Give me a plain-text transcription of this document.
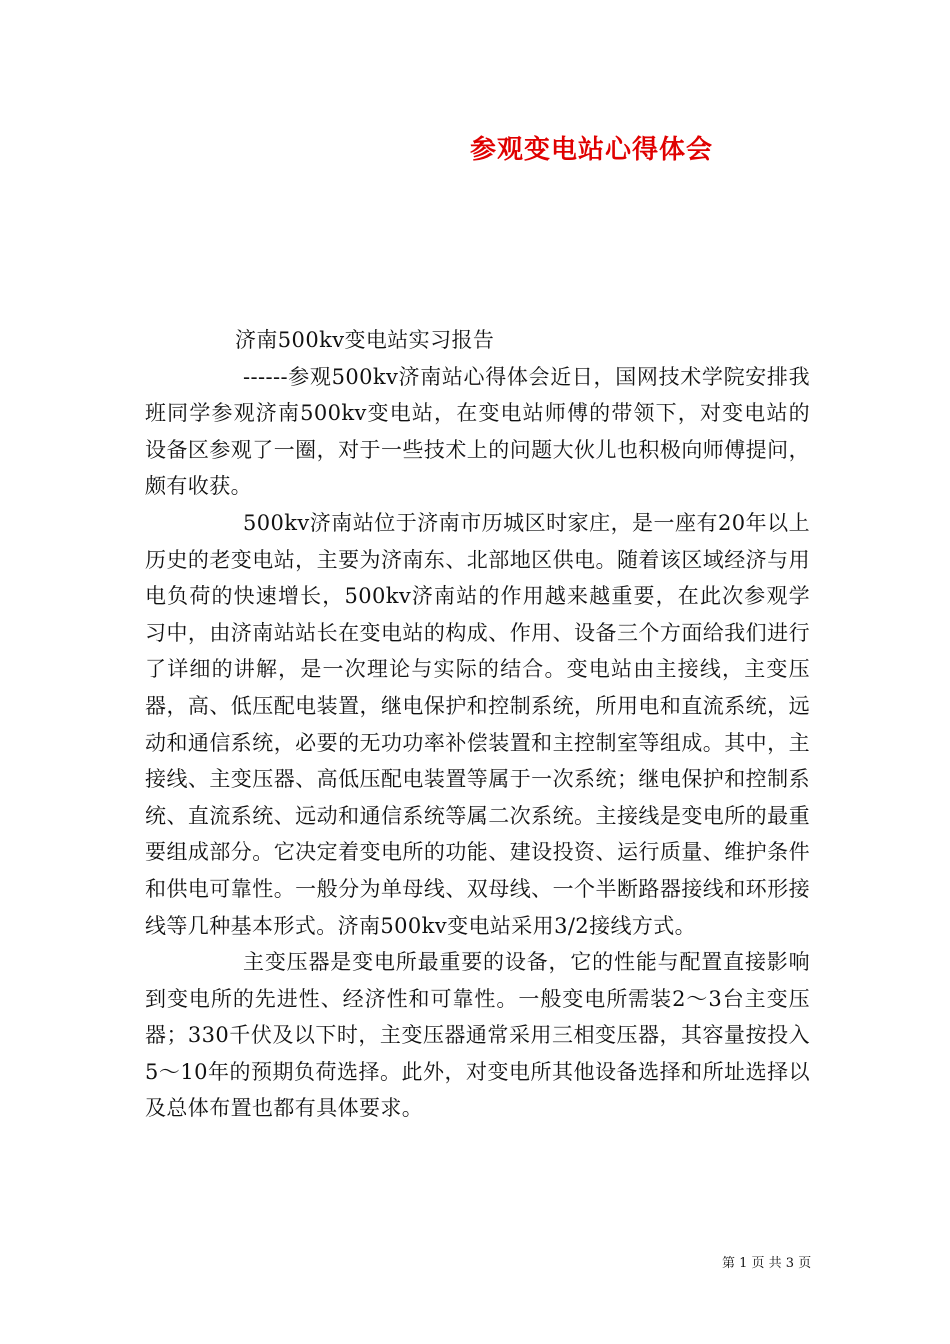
参观变电站心得体会

济南500kv变电站实习报告

------参观500kv济南站心得体会近日，国网技术学院安排我班同学参观济南500kv变电站，在变电站师傅的带领下，对变电站的设备区参观了一圈，对于一些技术上的问题大伙儿也积极向师傅提问，颇有收获。

500kv济南站位于济南市历城区时家庄，是一座有20年以上历史的老变电站，主要为济南东、北部地区供电。随着该区域经济与用电负荷的快速增长，500kv济南站的作用越来越重要，在此次参观学习中，由济南站站长在变电站的构成、作用、设备三个方面给我们进行了详细的讲解，是一次理论与实际的结合。变电站由主接线，主变压器，高、低压配电装置，继电保护和控制系统，所用电和直流系统，远动和通信系统，必要的无功功率补偿装置和主控制室等组成。其中，主接线、主变压器、高低压配电装置等属于一次系统；继电保护和控制系统、直流系统、远动和通信系统等属二次系统。主接线是变电所的最重要组成部分。它决定着变电所的功能、建设投资、运行质量、维护条件和供电可靠性。一般分为单母线、双母线、一个半断路器接线和环形接线等几种基本形式。济南500kv变电站采用3/2接线方式。

主变压器是变电所最重要的设备，它的性能与配置直接影响到变电所的先进性、经济性和可靠性。一般变电所需装2～3台主变压器；330千伏及以下时，主变压器通常采用三相变压器，其容量按投入5～10年的预期负荷选择。此外，对变电所其他设备选择和所址选择以及总体布置也都有具体要求。

第 1 页 共 3 页
